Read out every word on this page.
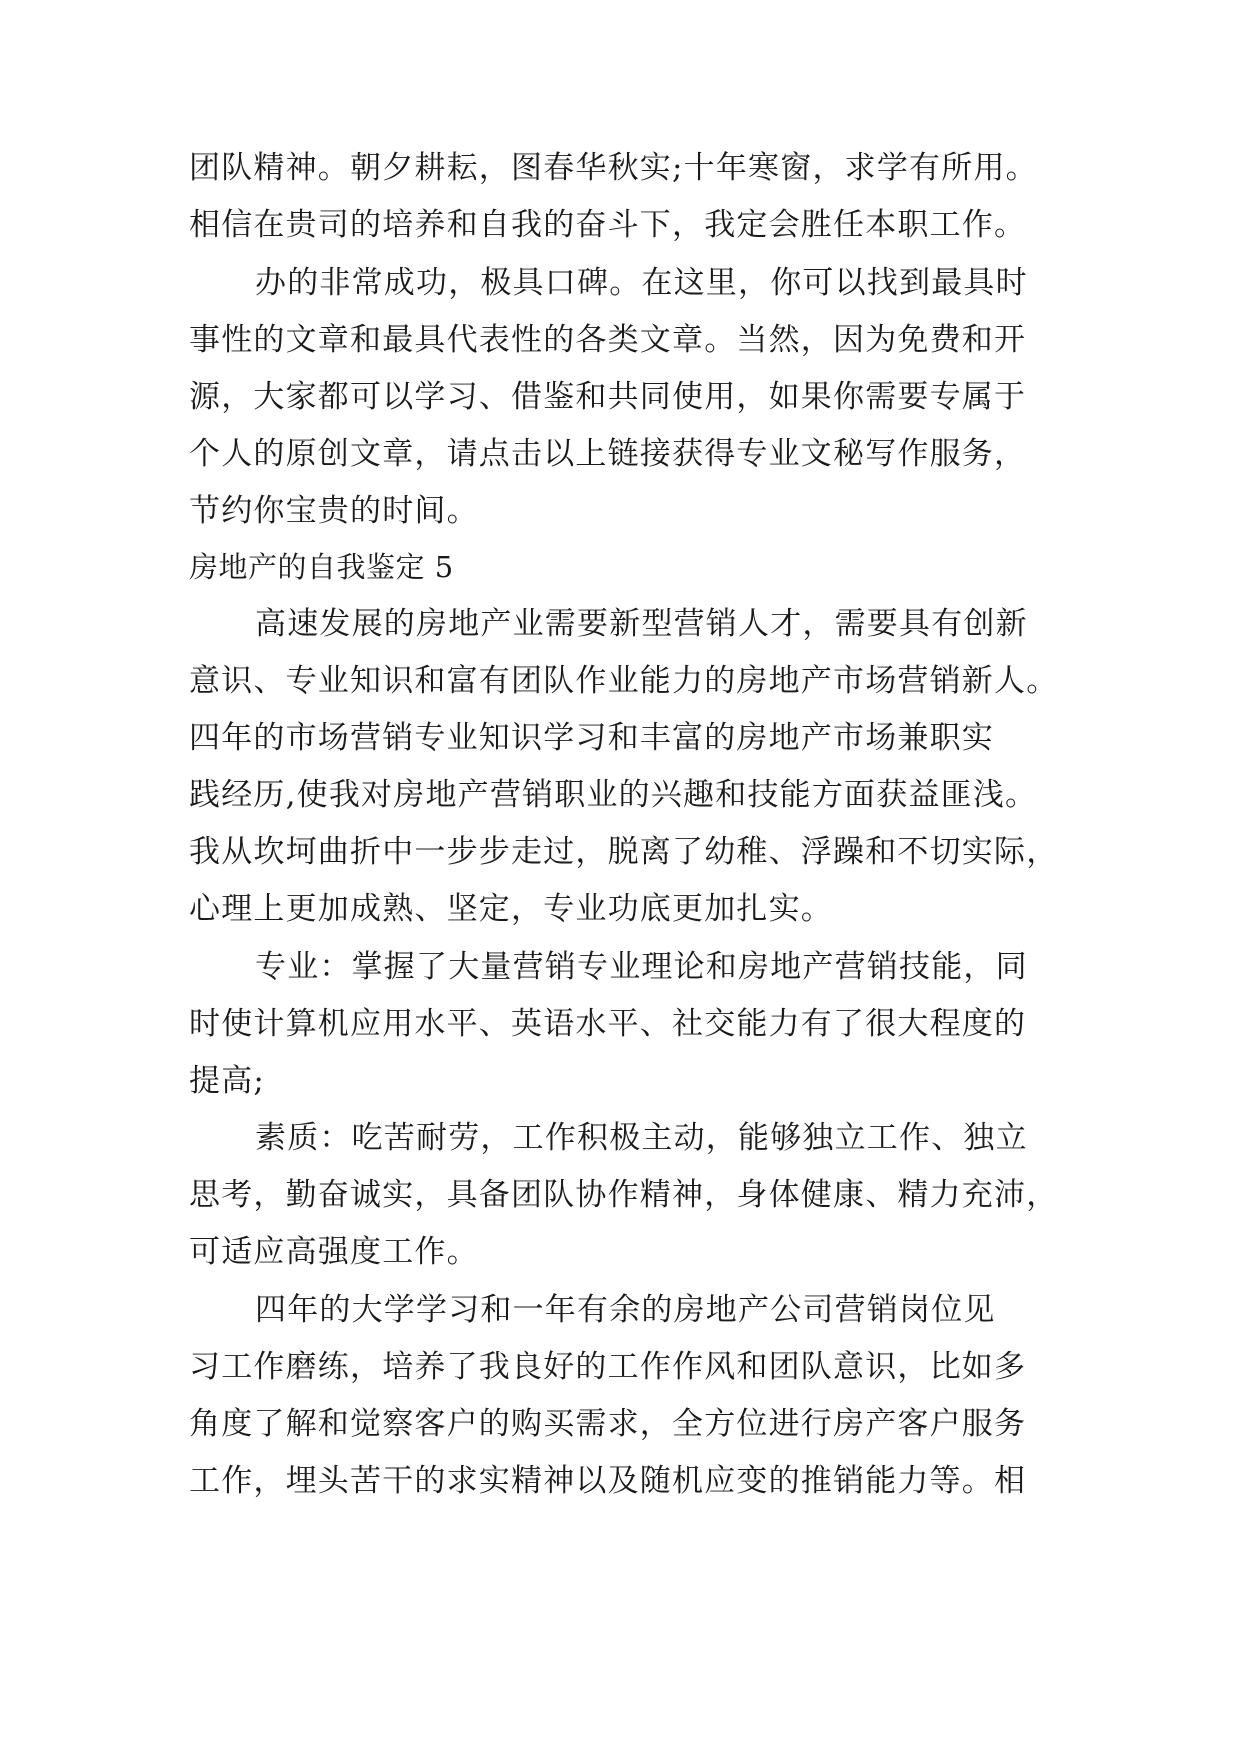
团队精神。朝夕耕耘，图春华秋实;十年寒窗，求学有所用。
相信在贵司的培养和自我的奋斗下，我定会胜任本职工作。
办的非常成功，极具口碑。在这里，你可以找到最具时
事性的文章和最具代表性的各类文章。当然，因为免费和开
源，大家都可以学习、借鉴和共同使用，如果你需要专属于
个人的原创文章，请点击以上链接获得专业文秘写作服务，
节约你宝贵的时间。
房地产的自我鉴定 5
高速发展的房地产业需要新型营销人才，需要具有创新
意识、专业知识和富有团队作业能力的房地产市场营销新人。
四年的市场营销专业知识学习和丰富的房地产市场兼职实
践经历,使我对房地产营销职业的兴趣和技能方面获益匪浅。
我从坎坷曲折中一步步走过，脱离了幼稚、浮躁和不切实际，
心理上更加成熟、坚定，专业功底更加扎实。
专业：掌握了大量营销专业理论和房地产营销技能，同
时使计算机应用水平、英语水平、社交能力有了很大程度的
提高;
素质：吃苦耐劳，工作积极主动，能够独立工作、独立
思考，勤奋诚实，具备团队协作精神，身体健康、精力充沛，
可适应高强度工作。
四年的大学学习和一年有余的房地产公司营销岗位见
习工作磨练，培养了我良好的工作作风和团队意识，比如多
角度了解和觉察客户的购买需求，全方位进行房产客户服务
工作，埋头苦干的求实精神以及随机应变的推销能力等。相
